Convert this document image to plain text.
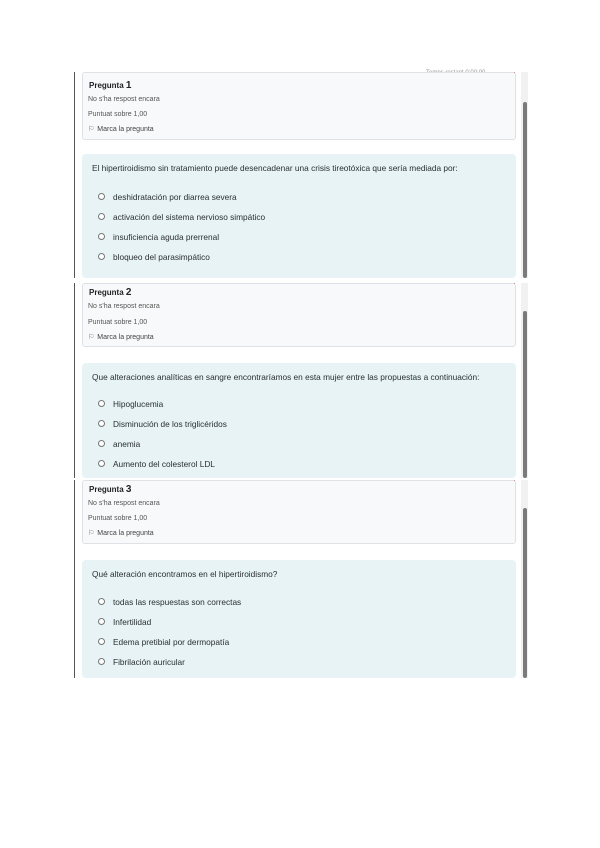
Pregunta 1
No s'ha respost encara
Puntuat sobre 1,00
⚐ Marca la pregunta
El hipertiroidismo sin tratamiento puede desencadenar una crisis tireotóxica que sería mediada por:
deshidratación por diarrea severa
activación del sistema nervioso simpático
insuficiencia aguda prerrenal
bloqueo del parasimpático
Pregunta 2
No s'ha respost encara
Puntuat sobre 1,00
⚐ Marca la pregunta
Que alteraciones analíticas en sangre encontraríamos en esta mujer entre las propuestas a continuación:
Hipoglucemia
Disminución de los triglicéridos
anemia
Aumento del colesterol LDL
Pregunta 3
No s'ha respost encara
Puntuat sobre 1,00
⚐ Marca la pregunta
Qué alteración encontramos en el hipertiroidismo?
todas las respuestas son correctas
Infertilidad
Edema pretibial por dermopatía
Fibrilación auricular
